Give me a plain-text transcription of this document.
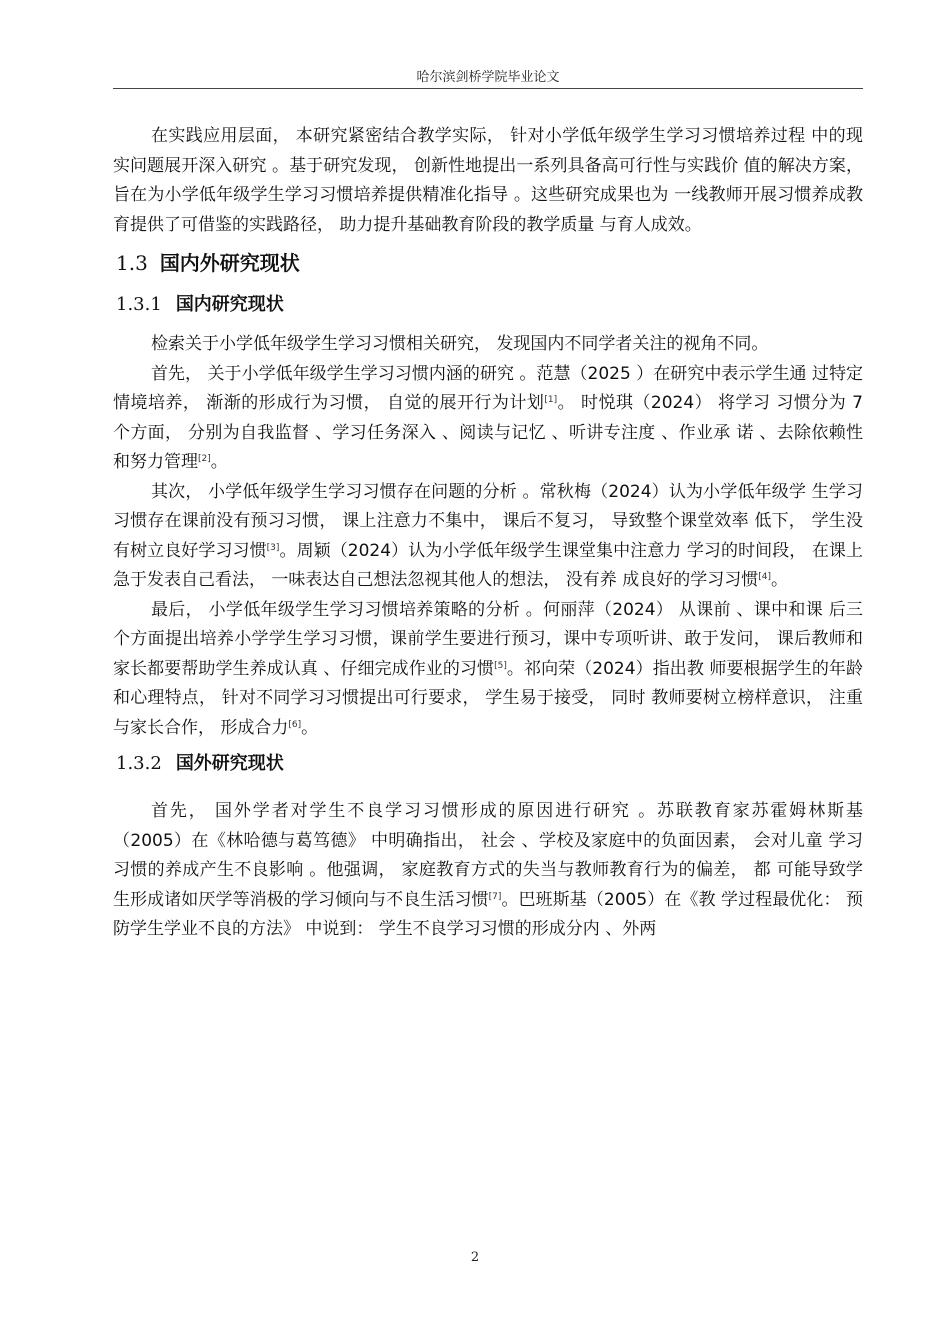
哈尔滨剑桥学院毕业论文

在实践应用层面， 本研究紧密结合教学实际， 针对小学低年级学生学习习惯培养过程 中的现实问题展开深入研究 。基于研究发现， 创新性地提出一系列具备高可行性与实践价 值的解决方案， 旨在为小学低年级学生学习习惯培养提供精准化指导 。这些研究成果也为 一线教师开展习惯养成教育提供了可借鉴的实践路径， 助力提升基础教育阶段的教学质量 与育人成效。

1.3 国内外研究现状
1.3.1 国内研究现状

检索关于小学低年级学生学习习惯相关研究， 发现国内不同学者关注的视角不同。

首先， 关于小学低年级学生学习习惯内涵的研究 。范慧（2025 ）在研究中表示学生通 过特定情境培养， 渐渐的形成行为习惯， 自觉的展开行为计划[1]。 时悦琪（2024） 将学习 习惯分为 7 个方面， 分别为自我监督 、学习任务深入 、阅读与记忆 、听讲专注度 、作业承 诺 、去除依赖性和努力管理[2]。

其次， 小学低年级学生学习习惯存在问题的分析 。常秋梅（2024）认为小学低年级学 生学习习惯存在课前没有预习习惯， 课上注意力不集中， 课后不复习， 导致整个课堂效率 低下， 学生没有树立良好学习习惯[3]。周颖（2024）认为小学低年级学生课堂集中注意力 学习的时间段， 在课上急于发表自己看法， 一味表达自己想法忽视其他人的想法， 没有养 成良好的学习习惯[4]。

最后， 小学低年级学生学习习惯培养策略的分析 。何丽萍（2024） 从课前 、课中和课 后三个方面提出培养小学学生学习习惯，课前学生要进行预习，课中专项听讲、敢于发问， 课后教师和家长都要帮助学生养成认真 、仔细完成作业的习惯[5]。祁向荣（2024）指出教 师要根据学生的年龄和心理特点， 针对不同学习习惯提出可行要求， 学生易于接受， 同时 教师要树立榜样意识， 注重与家长合作， 形成合力[6]。

1.3.2 国外研究现状

首先， 国外学者对学生不良学习习惯形成的原因进行研究 。苏联教育家苏霍姆林斯基 （2005）在《林哈德与葛笃德》 中明确指出， 社会 、学校及家庭中的负面因素， 会对儿童 学习习惯的养成产生不良影响 。他强调， 家庭教育方式的失当与教师教育行为的偏差， 都 可能导致学生形成诸如厌学等消极的学习倾向与不良生活习惯[7]。巴班斯基（2005）在《教 学过程最优化： 预防学生学业不良的方法》 中说到： 学生不良学习习惯的形成分内 、外两

2
